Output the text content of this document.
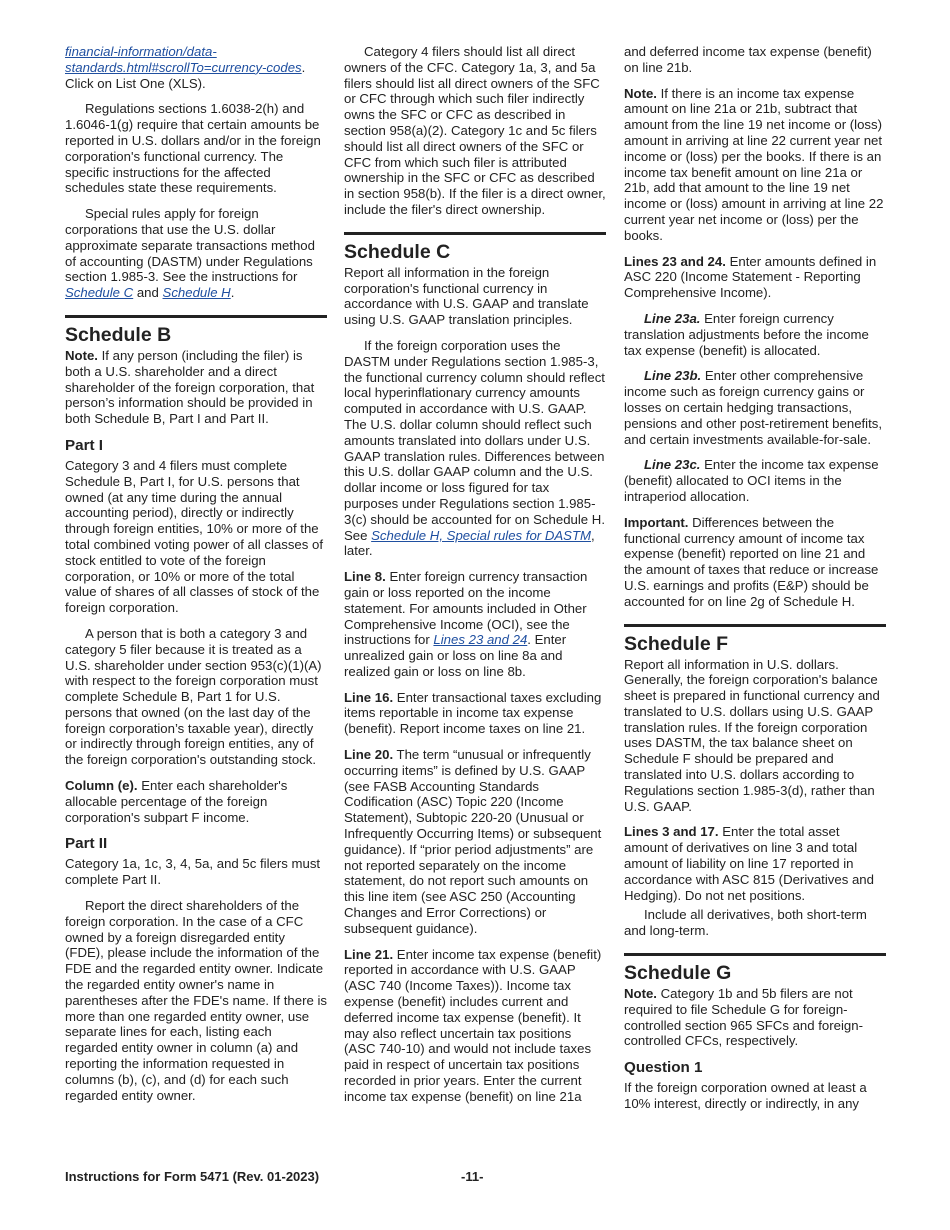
financial-information/data-standards.html#scrollTo=currency-codes. Click on List One (XLS).

Regulations sections 1.6038-2(h) and 1.6046-1(g) require that certain amounts be reported in U.S. dollars and/or in the foreign corporation's functional currency. The specific instructions for the affected schedules state these requirements.

Special rules apply for foreign corporations that use the U.S. dollar approximate separate transactions method of accounting (DASTM) under Regulations section 1.985-3. See the instructions for Schedule C and Schedule H.

Schedule B

Note. If any person (including the filer) is both a U.S. shareholder and a direct shareholder of the foreign corporation, that person’s information should be provided in both Schedule B, Part I and Part II.

Part I

Category 3 and 4 filers must complete Schedule B, Part I, for U.S. persons that owned (at any time during the annual accounting period), directly or indirectly through foreign entities, 10% or more of the total combined voting power of all classes of stock entitled to vote of the foreign corporation, or 10% or more of the total value of shares of all classes of stock of the foreign corporation.

A person that is both a category 3 and category 5 filer because it is treated as a U.S. shareholder under section 953(c)(1)(A) with respect to the foreign corporation must complete Schedule B, Part 1 for U.S. persons that owned (on the last day of the foreign corporation’s taxable year), directly or indirectly through foreign entities, any of the foreign corporation's outstanding stock.

Column (e). Enter each shareholder's allocable percentage of the foreign corporation's subpart F income.

Part II

Category 1a, 1c, 3, 4, 5a, and 5c filers must complete Part II.

Report the direct shareholders of the foreign corporation. In the case of a CFC owned by a foreign disregarded entity (FDE), please include the information of the FDE and the regarded entity owner. Indicate the regarded entity owner's name in parentheses after the FDE's name. If there is more than one regarded entity owner, use separate lines for each, listing each regarded entity owner in column (a) and reporting the information requested in columns (b), (c), and (d) for each such regarded entity owner.

Category 4 filers should list all direct owners of the CFC. Category 1a, 3, and 5a filers should list all direct owners of the SFC or CFC through which such filer indirectly owns the SFC or CFC as described in section 958(a)(2). Category 1c and 5c filers should list all direct owners of the SFC or CFC from which such filer is attributed ownership in the SFC or CFC as described in section 958(b). If the filer is a direct owner, include the filer's direct ownership.

Schedule C

Report all information in the foreign corporation's functional currency in accordance with U.S. GAAP and translate using U.S. GAAP translation principles.

If the foreign corporation uses the DASTM under Regulations section 1.985-3, the functional currency column should reflect local hyperinflationary currency amounts computed in accordance with U.S. GAAP. The U.S. dollar column should reflect such amounts translated into dollars under U.S. GAAP translation rules. Differences between this U.S. dollar GAAP column and the U.S. dollar income or loss figured for tax purposes under Regulations section 1.985-3(c) should be accounted for on Schedule H. See Schedule H, Special rules for DASTM, later.

Line 8. Enter foreign currency transaction gain or loss reported on the income statement. For amounts included in Other Comprehensive Income (OCI), see the instructions for Lines 23 and 24. Enter unrealized gain or loss on line 8a and realized gain or loss on line 8b.

Line 16. Enter transactional taxes excluding items reportable in income tax expense (benefit). Report income taxes on line 21.

Line 20. The term “unusual or infrequently occurring items” is defined by U.S. GAAP (see FASB Accounting Standards Codification (ASC) Topic 220 (Income Statement), Subtopic 220-20 (Unusual or Infrequently Occurring Items) or subsequent guidance). If “prior period adjustments” are not reported separately on the income statement, do not report such amounts on this line item (see ASC 250 (Accounting Changes and Error Corrections) or subsequent guidance).

Line 21. Enter income tax expense (benefit) reported in accordance with U.S. GAAP (ASC 740 (Income Taxes)). Income tax expense (benefit) includes current and deferred income tax expense (benefit). It may also reflect uncertain tax positions (ASC 740-10) and would not include taxes paid in respect of uncertain tax positions recorded in prior years. Enter the current income tax expense (benefit) on line 21a

and deferred income tax expense (benefit) on line 21b.

Note. If there is an income tax expense amount on line 21a or 21b, subtract that amount from the line 19 net income or (loss) amount in arriving at line 22 current year net income or (loss) per the books. If there is an income tax benefit amount on line 21a or 21b, add that amount to the line 19 net income or (loss) amount in arriving at line 22 current year net income or (loss) per the books.

Lines 23 and 24. Enter amounts defined in ASC 220 (Income Statement - Reporting Comprehensive Income).

Line 23a. Enter foreign currency translation adjustments before the income tax expense (benefit) is allocated.

Line 23b. Enter other comprehensive income such as foreign currency gains or losses on certain hedging transactions, pensions and other post-retirement benefits, and certain investments available-for-sale.

Line 23c. Enter the income tax expense (benefit) allocated to OCI items in the intraperiod allocation.

Important. Differences between the functional currency amount of income tax expense (benefit) reported on line 21 and the amount of taxes that reduce or increase U.S. earnings and profits (E&P) should be accounted for on line 2g of Schedule H.

Schedule F

Report all information in U.S. dollars. Generally, the foreign corporation's balance sheet is prepared in functional currency and translated to U.S. dollars using U.S. GAAP translation rules. If the foreign corporation uses DASTM, the tax balance sheet on Schedule F should be prepared and translated into U.S. dollars according to Regulations section 1.985-3(d), rather than U.S. GAAP.

Lines 3 and 17. Enter the total asset amount of derivatives on line 3 and total amount of liability on line 17 reported in accordance with ASC 815 (Derivatives and Hedging). Do not net positions.

Include all derivatives, both short-term and long-term.

Schedule G

Note. Category 1b and 5b filers are not required to file Schedule G for foreign-controlled section 965 SFCs and foreign-controlled CFCs, respectively.

Question 1

If the foreign corporation owned at least a 10% interest, directly or indirectly, in any

Instructions for Form 5471 (Rev. 01-2023)	-11-
